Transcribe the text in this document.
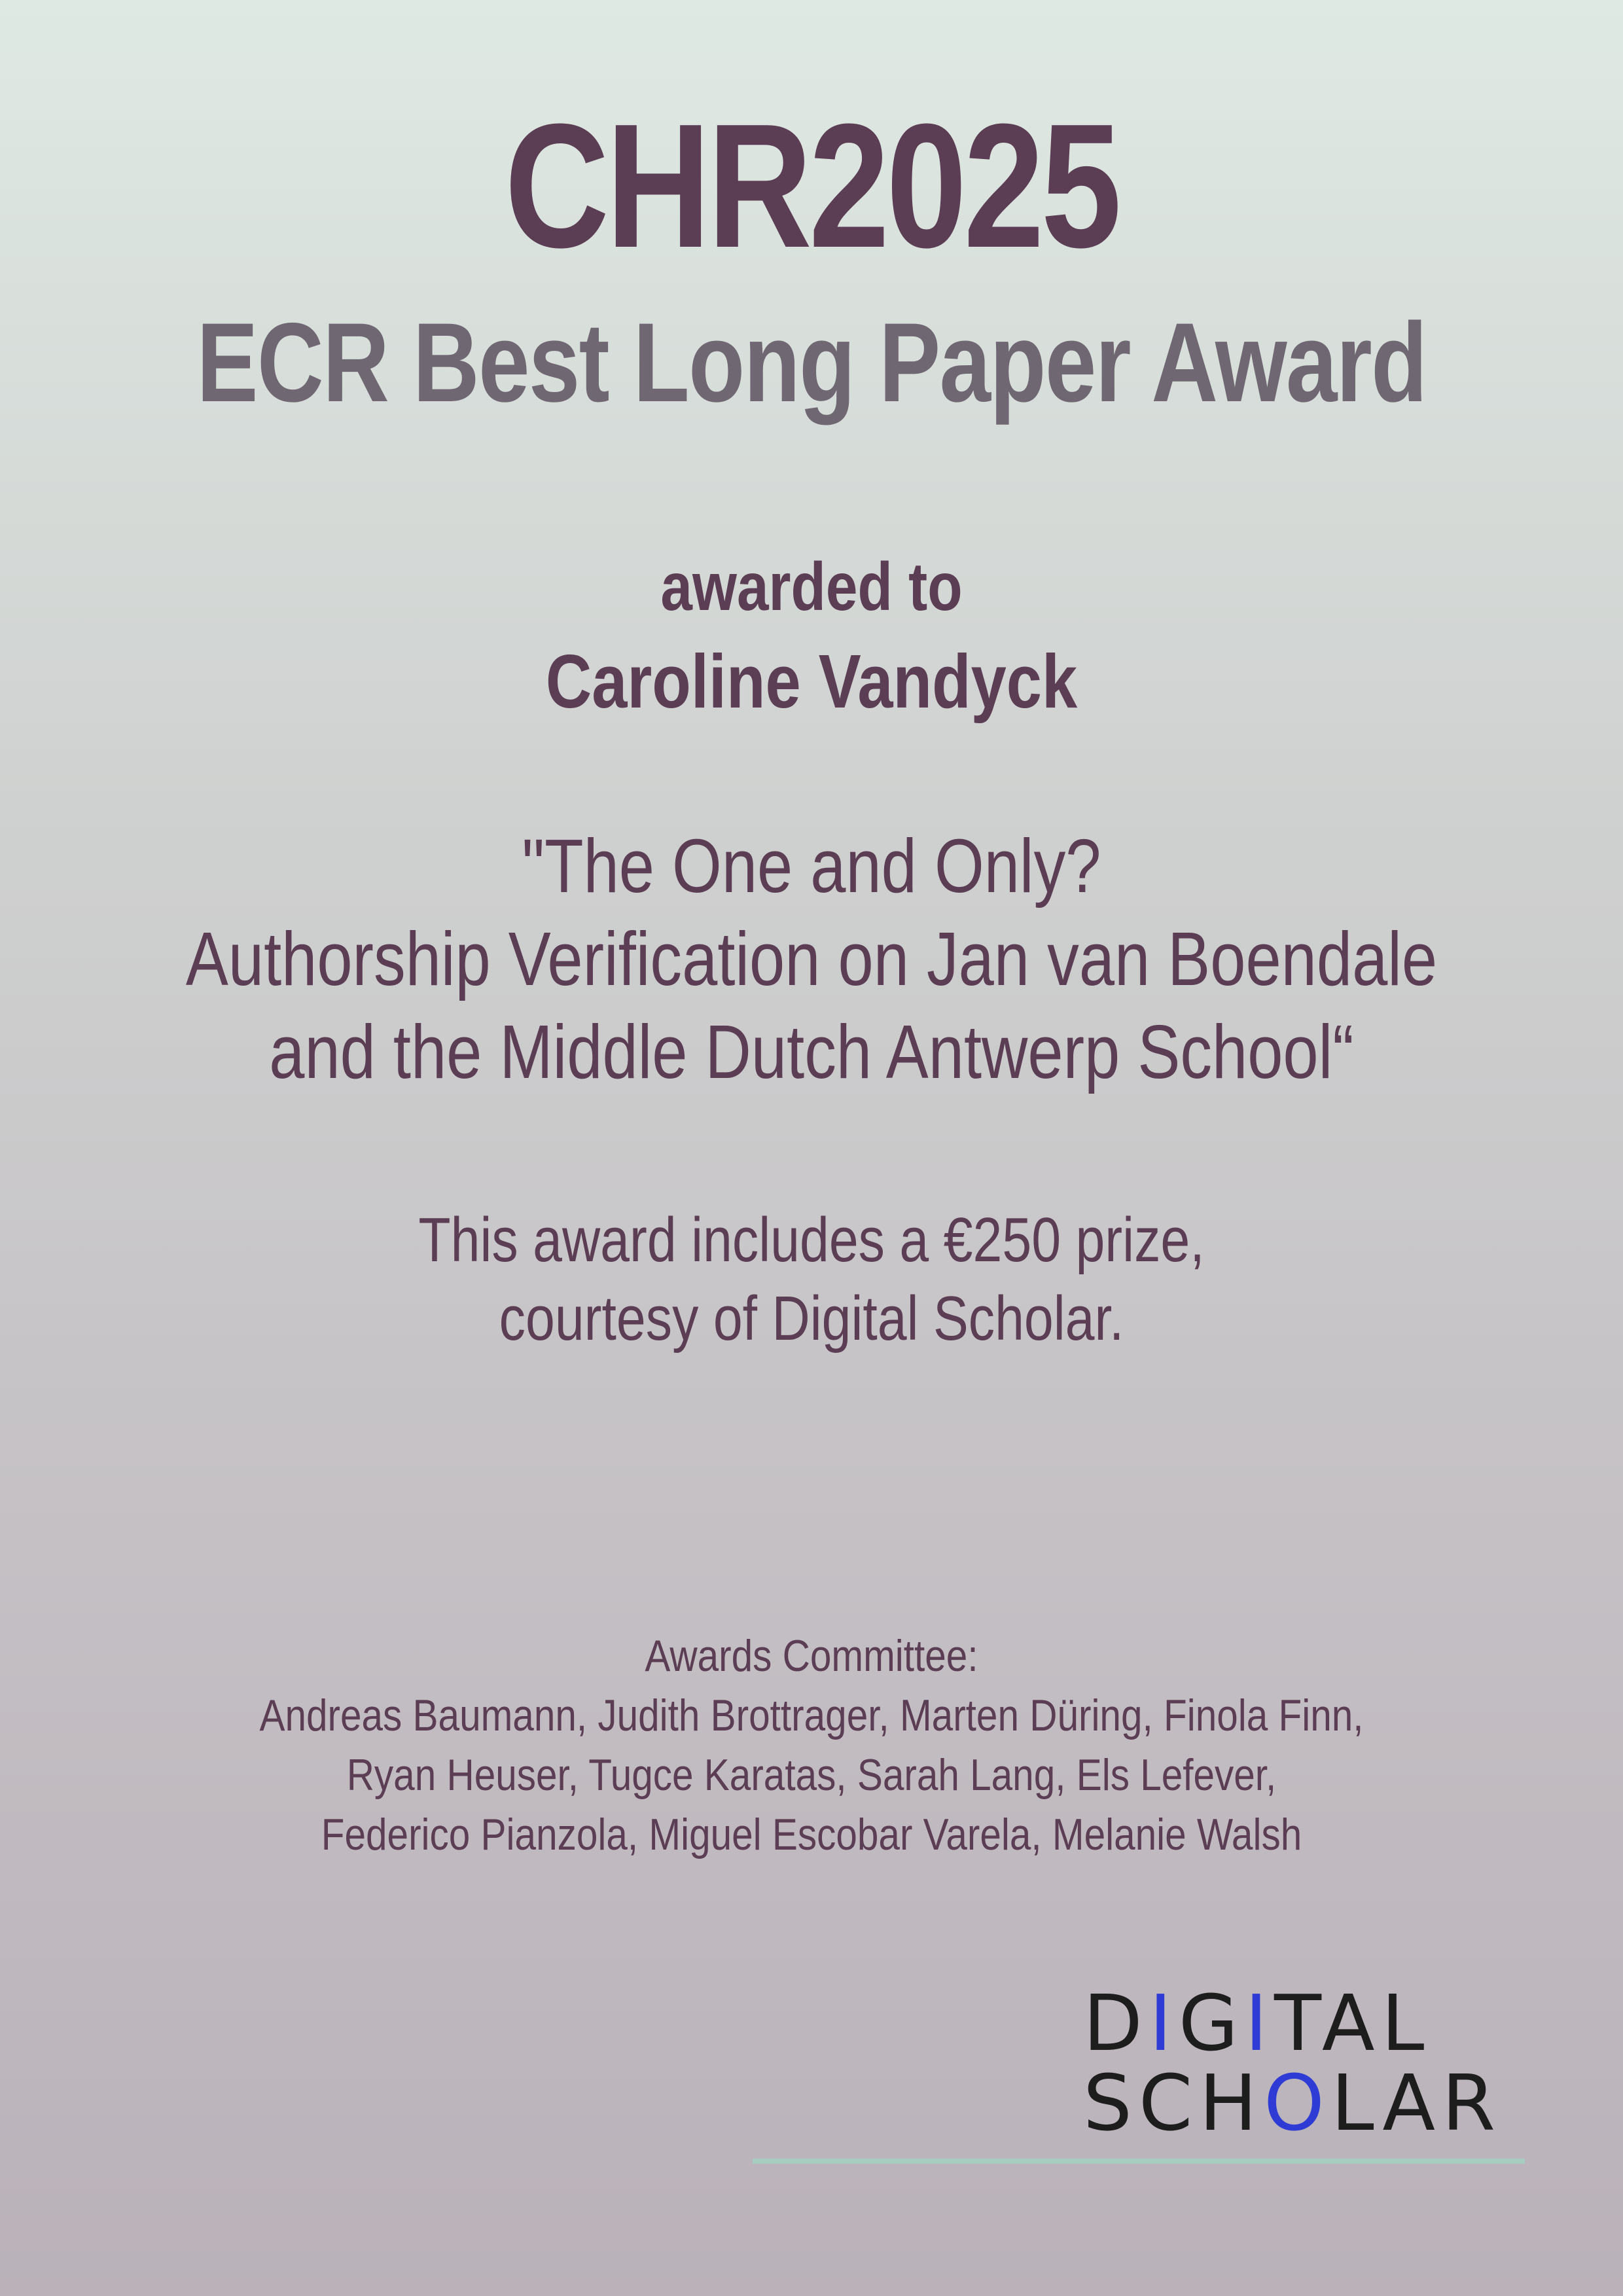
CHR2025
ECR Best Long Paper Award
awarded to
Caroline Vandyck
"The One and Only?
Authorship Verification on Jan van Boendale
and the Middle Dutch Antwerp School“
This award includes a €250 prize,
courtesy of Digital Scholar.
Awards Committee:
Andreas Baumann, Judith Brottrager, Marten Düring, Finola Finn,
Ryan Heuser, Tugce Karatas, Sarah Lang, Els Lefever,
Federico Pianzola, Miguel Escobar Varela, Melanie Walsh
DIGITAL
SCHOLAR
